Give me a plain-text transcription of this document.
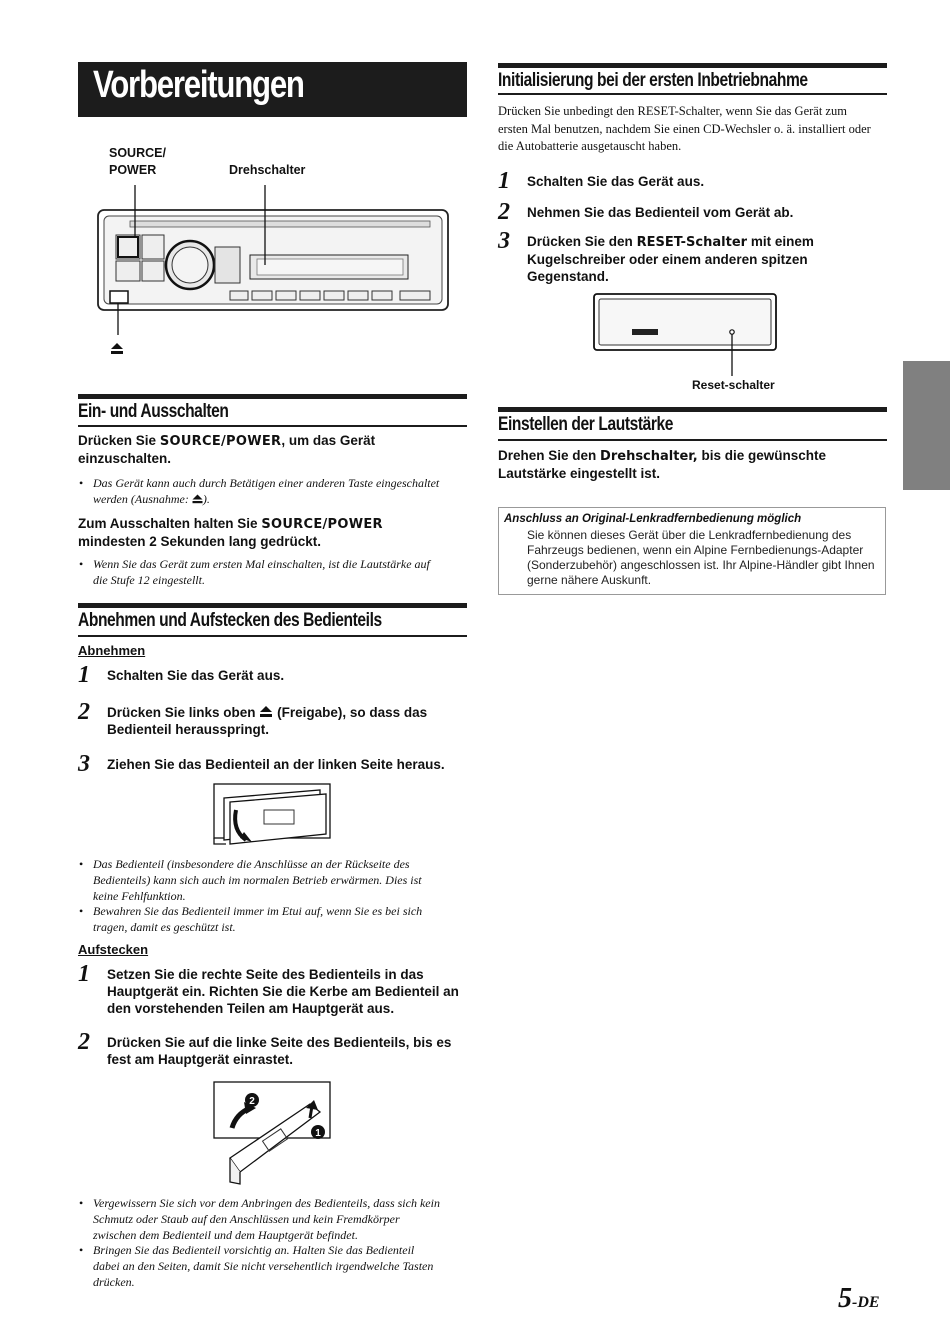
Vorbereitungen
SOURCE/
POWER	Drehschalter
Ein- und Ausschalten
Drücken Sie SOURCE/POWER, um das Gerät
einzuschalten.
• Das Gerät kann auch durch Betätigen einer anderen Taste eingeschaltet
werden (Ausnahme: ).
Zum Ausschalten halten Sie SOURCE/POWER
mindesten 2 Sekunden lang gedrückt.
• Wenn Sie das Gerät zum ersten Mal einschalten, ist die Lautstärke auf
die Stufe 12 eingestellt.
Abnehmen und Aufstecken des Bedienteils
Abnehmen
1 Schalten Sie das Gerät aus.
2 Drücken Sie links oben (Freigabe), so dass das
Bedienteil herausspringt.
3 Ziehen Sie das Bedienteil an der linken Seite heraus.
• Das Bedienteil (insbesondere die Anschlüsse an der Rückseite des
Bedienteils) kann sich auch im normalen Betrieb erwärmen. Dies ist
keine Fehlfunktion.
• Bewahren Sie das Bedienteil immer im Etui auf, wenn Sie es bei sich
tragen, damit es geschützt ist.
Aufstecken
1 Setzen Sie die rechte Seite des Bedienteils in das
Hauptgerät ein. Richten Sie die Kerbe am Bedienteil an
den vorstehenden Teilen am Hauptgerät aus.
2 Drücken Sie auf die linke Seite des Bedienteils, bis es
fest am Hauptgerät einrastet.
2
1
• Vergewissern Sie sich vor dem Anbringen des Bedienteils, dass sich kein
Schmutz oder Staub auf den Anschlüssen und kein Fremdkörper
zwischen dem Bedienteil und dem Hauptgerät befindet.
• Bringen Sie das Bedienteil vorsichtig an. Halten Sie das Bedienteil
dabei an den Seiten, damit Sie nicht versehentlich irgendwelche Tasten
drücken.
Initialisierung bei der ersten Inbetriebnahme
Drücken Sie unbedingt den RESET-Schalter, wenn Sie das Gerät zum
ersten Mal benutzen, nachdem Sie einen CD-Wechsler o. ä. installiert oder
die Autobatterie ausgetauscht haben.
1 Schalten Sie das Gerät aus.
2 Nehmen Sie das Bedienteil vom Gerät ab.
3 Drücken Sie den RESET-Schalter mit einem
Kugelschreiber oder einem anderen spitzen
Gegenstand.
Reset-schalter
Einstellen der Lautstärke
Drehen Sie den Drehschalter, bis die gewünschte
Lautstärke eingestellt ist.
Anschluss an Original-Lenkradfernbedienung möglich
Sie können dieses Gerät über die Lenkradfernbedienung des
Fahrzeugs bedienen, wenn ein Alpine Fernbedienungs-Adapter
(Sonderzubehör) angeschlossen ist. Ihr Alpine-Händler gibt Ihnen
gerne nähere Auskunft.
5-DE
